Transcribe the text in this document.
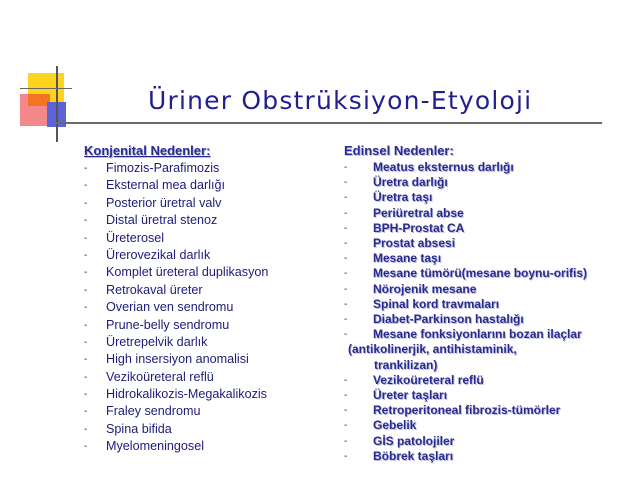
Üriner Obstrüksiyon-Etyoloji
Konjenital Nedenler:
- Fimozis-Parafimozis
- Eksternal mea darlığı
- Posterior üretral valv
- Distal üretral stenoz
- Üreterosel
- Ürerovezikal darlık
- Komplet üreteral duplikasyon
- Retrokaval üreter
- Overian ven sendromu
- Prune-belly sendromu
- Üretrepelvik darlık
- High insersiyon anomalisi
- Vezikoüreteral reflü
- Hidrokalikozis-Megakalikozis
- Fraley sendromu
- Spina bifida
- Myelomeningosel
Edinsel Nedenler:
- Meatus eksternus darlığı
- Üretra darlığı
- Üretra taşı
- Periüretral abse
- BPH-Prostat CA
- Prostat absesi
- Mesane taşı
- Mesane tümörü(mesane boynu-orifis)
- Nörojenik mesane
- Spinal kord travmaları
- Diabet-Parkinson hastalığı
- Mesane fonksiyonlarını bozan ilaçlar
(antikolinerjik, antihistaminik,
trankilizan)
- Vezikoüreteral reflü
- Üreter taşları
- Retroperitoneal fibrozis-tümörler
- Gebelik
- GİS patolojiler
- Böbrek taşları
